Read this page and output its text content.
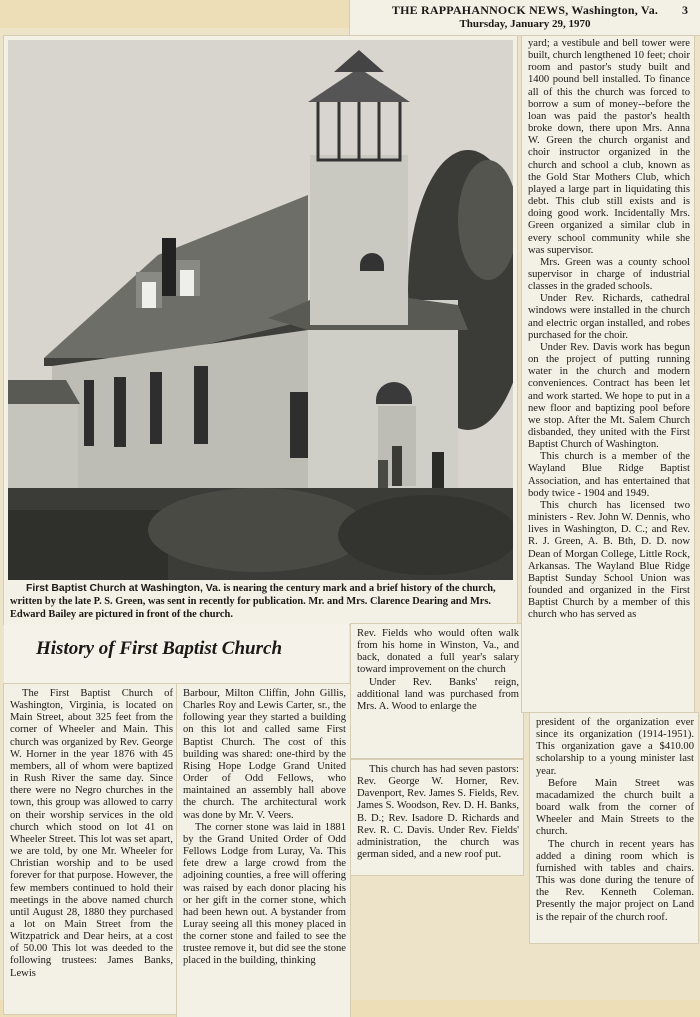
THE RAPPAHANNOCK NEWS, Washington, Va.
Thursday, January 29, 1970
3
First Baptist Church at Washington, Va. is nearing the century mark and a brief history of the church, written by the late P. S. Green, was sent in recently for publication. Mr. and Mrs. Clarence Dearing and Mrs. Edward Bailey are pictured in front of the church.
History of First Baptist Church

The First Baptist Church of Washington, Virginia, is located on Main Street, about 325 feet from the corner of Wheeler and Main. This church was organized by Rev. George W. Horner in the year 1876 with 45 members, all of whom were baptized in Rush River the same day. Since there were no Negro churches in the town, this group was allowed to carry on their worship services in the old church which stood on lot 41 on Wheeler Street. This lot was set apart, we are told, by one Mr. Wheeler for Christian worship and to be used forever for that purpose. However, the few members continued to hold their meetings in the above named church until August 28, 1880 they purchased a lot on Main Street from the Witzpatrick and Dear heirs, at a cost of 50.00 This lot was deeded to the following trustees: James Banks, Lewis

Barbour, Milton Cliffin, John Gillis, Charles Roy and Lewis Carter, sr., the following year they started a building on this lot and called same First Baptist Church. The cost of this building was shared: one-third by the Rising Hope Lodge Grand United Order of Odd Fellows, who maintained an assembly hall above the church. The architectural work was done by Mr. V. Veers.

The corner stone was laid in 1881 by the Grand United Order of Odd Fellows Lodge from Luray, Va. This fete drew a large crowd from the adjoining counties, a free will offering was raised by each donor placing his or her gift in the corner stone, which had been hewn out. A bystander from Luray seeing all this money placed in the corner stone and failed to see the trustee remove it, but did see the stone placed in the building, thinking

Rev. Fields who would often walk from his home in Winston, Va., and back, donated a full year's salary toward improvement on the church

Under Rev. Banks' reign, additional land was purchased from Mrs. A. Wood to enlarge the

This church has had seven pastors: Rev. George W. Horner, Rev. Davenport, Rev. James S. Fields, Rev. James S. Woodson, Rev. D. H. Banks, B. D.; Rev. Isadore D. Richards and Rev. R. C. Davis. Under Rev. Fields' administration, the church was german sided, and a new roof put.

yard; a vestibule and bell tower were built, church lengthened 10 feet; choir room and pastor's study built and 1400 pound bell installed. To finance all of this the church was forced to borrow a sum of money--before the loan was paid the pastor's health broke down, there upon Mrs. Anna W. Green the church organist and choir instructor organized in the church and school a club, known as the Gold Star Mothers Club, which played a large part in liquidating this debt. This club still exists and is doing good work. Incidentally Mrs. Green organized a similar club in every school community while she was supervisor.

Mrs. Green was a county school supervisor in charge of industrial classes in the graded schools.

Under Rev. Richards, cathedral windows were installed in the church and electric organ installed, and robes purchased for the choir.

Under Rev. Davis work has begun on the project of putting running water in the church and modern conveniences. Contract has been let and work started. We hope to put in a new floor and baptizing pool before we stop. After the Mt. Salem Church disbanded, they united with the First Baptist Church of Washington.

This church is a member of the Wayland Blue Ridge Baptist Association, and has entertained that body twice - 1904 and 1949.

This church has licensed two ministers - Rev. John W. Dennis, who lives in Washington, D. C.; and Rev. R. J. Green, A. B. Bth, D. D. now Dean of Morgan College, Little Rock, Arkansas. The Wayland Blue Ridge Baptist Sunday School Union was founded and organized in the First Baptist Church by a member of this church who has served as

president of the organization ever since its organization (1914-1951). This organization gave a $410.00 scholarship to a young minister last year.

Before Main Street was macadamized the church built a board walk from the corner of Wheeler and Main Streets to the church.

The church in recent years has added a dining room which is furnished with tables and chairs. This was done during the tenure of the Rev. Kenneth Coleman. Presently the major project on Land is the repair of the church roof.
